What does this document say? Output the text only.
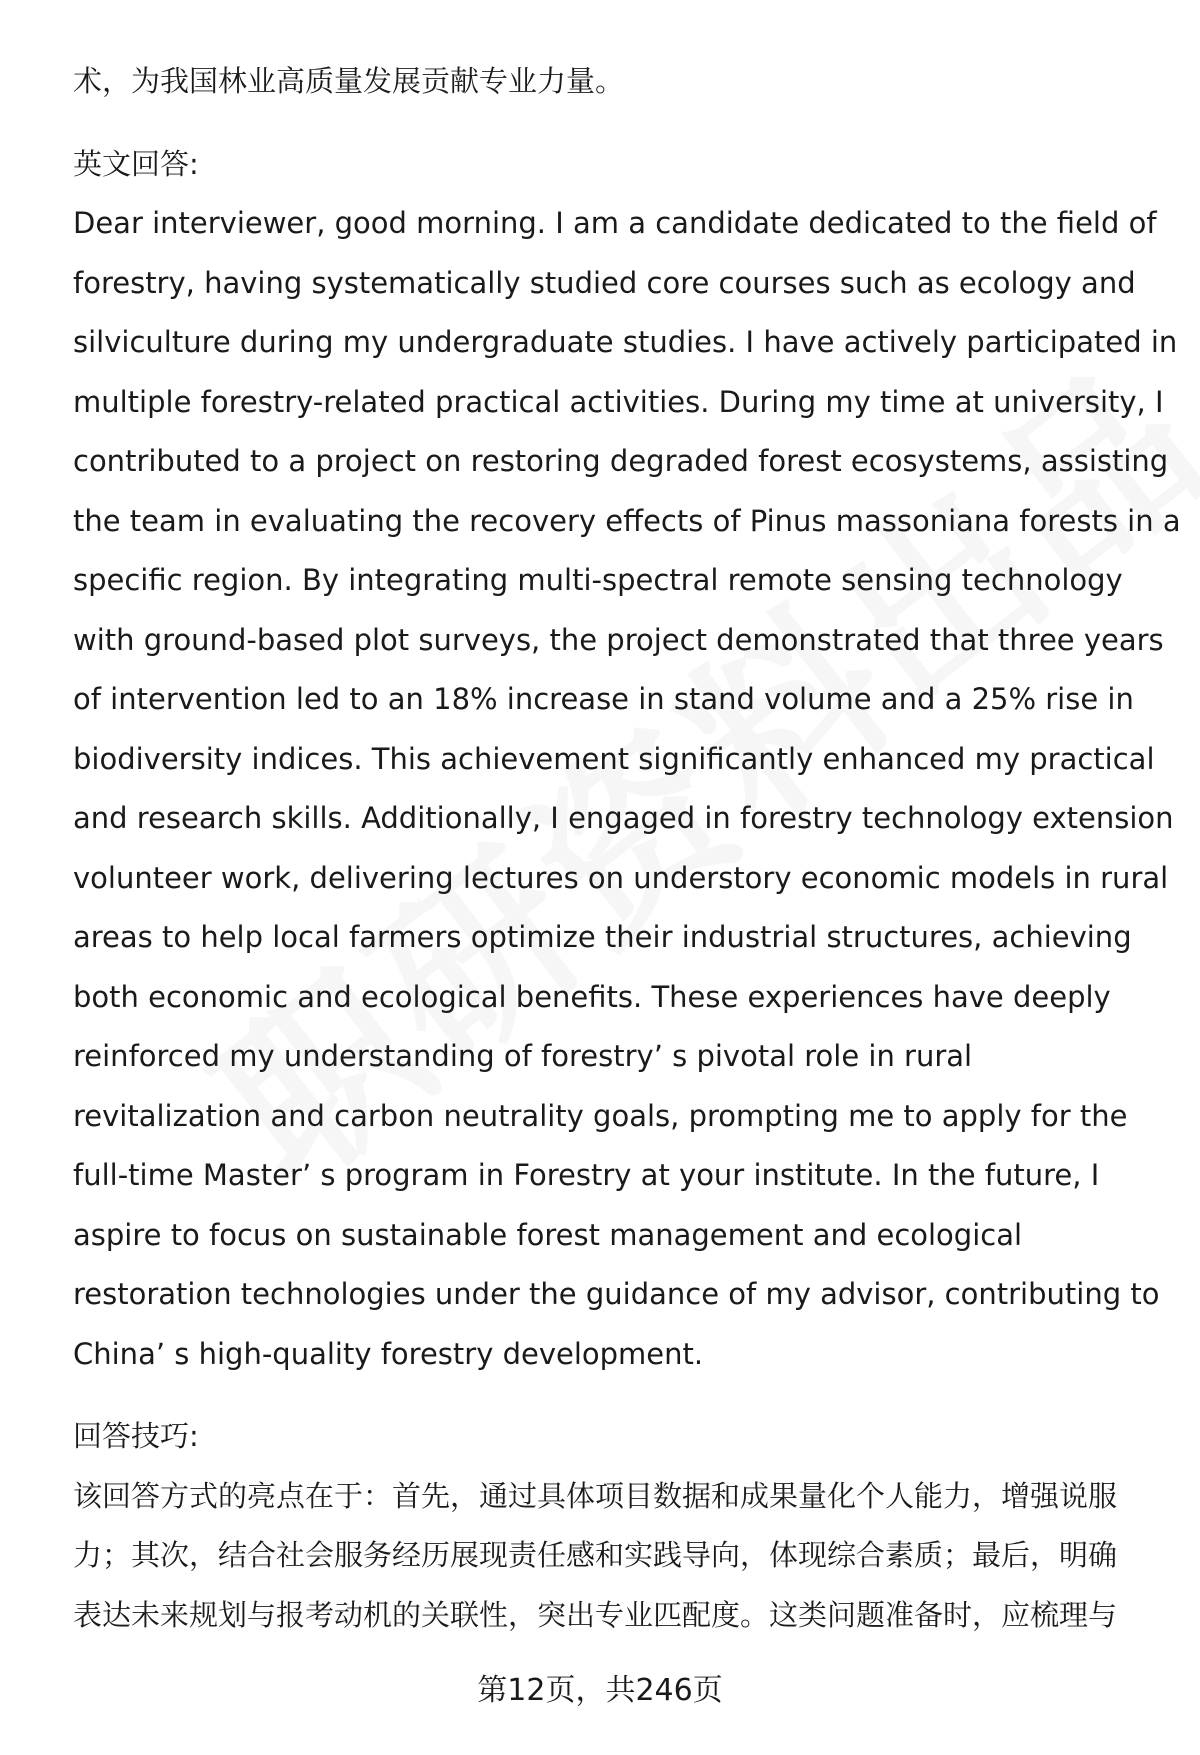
术，为我国林业高质量发展贡献专业力量。

英文回答:

Dear interviewer, good morning. I am a candidate dedicated to the field of

forestry, having systematically studied core courses such as ecology and

silviculture during my undergraduate studies. I have actively participated in

multiple forestry-related practical activities. During my time at university, I

contributed to a project on restoring degraded forest ecosystems, assisting

the team in evaluating the recovery effects of Pinus massoniana forests in a

specific region. By integrating multi-spectral remote sensing technology

with ground-based plot surveys, the project demonstrated that three years

of intervention led to an 18% increase in stand volume and a 25% rise in

biodiversity indices. This achievement significantly enhanced my practical

and research skills. Additionally, I engaged in forestry technology extension

volunteer work, delivering lectures on understory economic models in rural

areas to help local farmers optimize their industrial structures, achieving

both economic and ecological benefits. These experiences have deeply

reinforced my understanding of forestry’ s pivotal role in rural

revitalization and carbon neutrality goals, prompting me to apply for the

full-time Master’ s program in Forestry at your institute. In the future, I

aspire to focus on sustainable forest management and ecological

restoration technologies under the guidance of my advisor, contributing to

China’ s high-quality forestry development.

回答技巧:

该回答方式的亮点在于：首先，通过具体项目数据和成果量化个人能力，增强说服

力；其次，结合社会服务经历展现责任感和实践导向，体现综合素质；最后，明确

表达未来规划与报考动机的关联性，突出专业匹配度。这类问题准备时，应梳理与

第12页，共246页
